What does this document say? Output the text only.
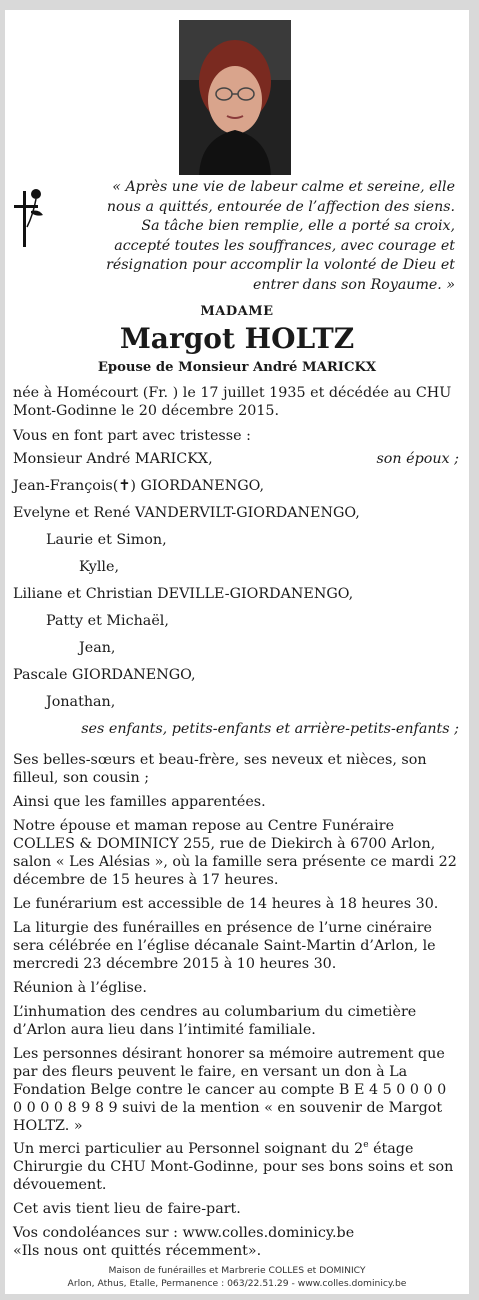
« Après une vie de labeur calme et sereine, elle nous a quittés, entourée de l’affection des siens. Sa tâche bien remplie, elle a porté sa croix, accepté toutes les souffrances, avec courage et résignation pour accomplir la volonté de Dieu et entrer dans son Royaume. »
MADAME
Margot HOLTZ
Epouse de Monsieur André MARICKX

née à Homécourt (Fr. ) le 17 juillet 1935 et décédée au CHU Mont-Godinne le 20 décembre 2015.

Vous en font part avec tristesse :

Monsieur André MARICKX,	son époux ;
Jean-François(✝) GIORDANENGO,
Evelyne et René VANDERVILT-GIORDANENGO,
Laurie et Simon,
Kylle,
Liliane et Christian DEVILLE-GIORDANENGO,
Patty et Michaël,
Jean,
Pascale GIORDANENGO,
Jonathan,
ses enfants, petits-enfants et arrière-petits-enfants ;

Ses belles-sœurs et beau-frère, ses neveux et nièces, son filleul, son cousin ;

Ainsi que les familles apparentées.

Notre épouse et maman repose au Centre Funéraire COLLES & DOMINICY 255, rue de Diekirch à 6700 Arlon, salon « Les Alésias », où la famille sera présente ce mardi 22 décembre de 15 heures à 17 heures.

Le funérarium est accessible de 14 heures à 18 heures 30.

La liturgie des funérailles en présence de l’urne cinéraire sera célébrée en l’église décanale Saint-Martin d’Arlon, le mercredi 23 décembre 2015 à 10 heures 30.

Réunion à l’église.

L’inhumation des cendres au columbarium du cimetière d’Arlon aura lieu dans l’intimité familiale.

Les personnes désirant honorer sa mémoire autrement que par des fleurs peuvent le faire, en versant un don à La Fondation Belge contre le cancer au compte B E 4 5 0 0 0 0 0 0 0 0 8 9 8 9 suivi de la mention « en souvenir de Margot HOLTZ. »

Un merci particulier au Personnel soignant du 2e étage Chirurgie du CHU Mont-Godinne, pour ses bons soins et son dévouement.

Cet avis tient lieu de faire-part.

Vos condoléances sur : www.colles.dominicy.be

«Ils nous ont quittés récemment».

Maison de funérailles et Marbrerie COLLES et DOMINICY
Arlon, Athus, Etalle, Permanence : 063/22.51.29 - www.colles.dominicy.be
